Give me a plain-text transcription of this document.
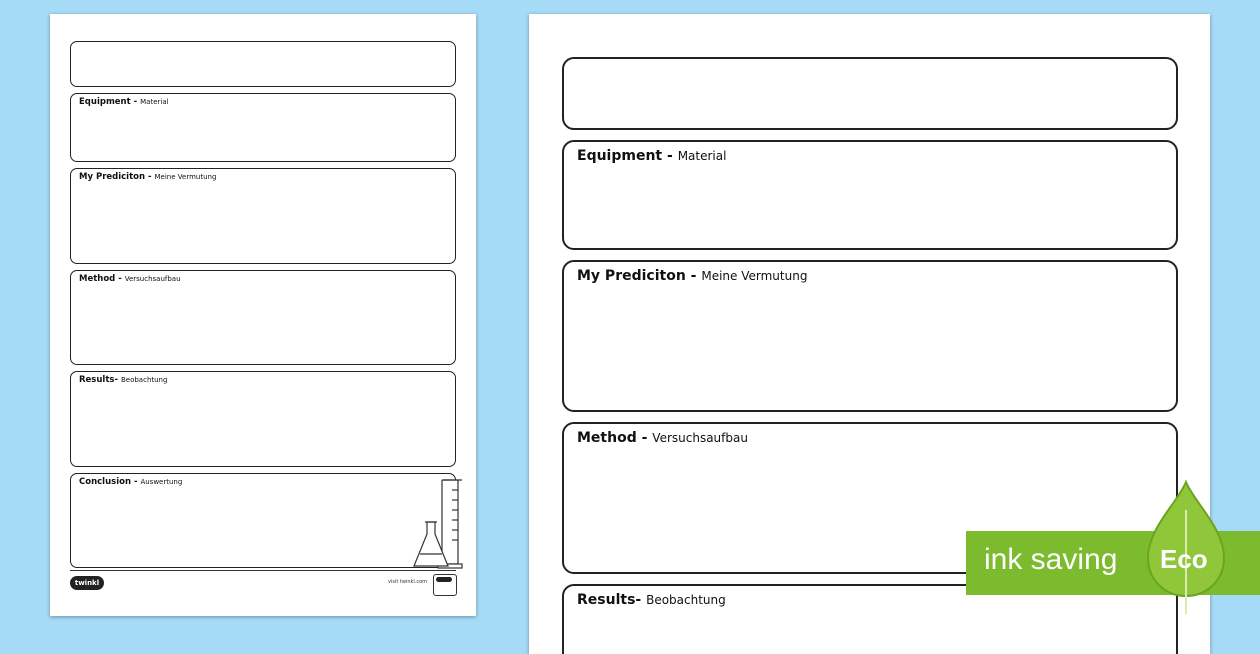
Equipment - Material
My Prediciton - Meine Vermutung
Method - Versuchsaufbau
Results- Beobachtung
Conclusion - Auswertung
twinkl	visit twinkl.com
Equipment - Material
My Prediciton - Meine Vermutung
Method - Versuchsaufbau
Results- Beobachtung
ink saving Eco
